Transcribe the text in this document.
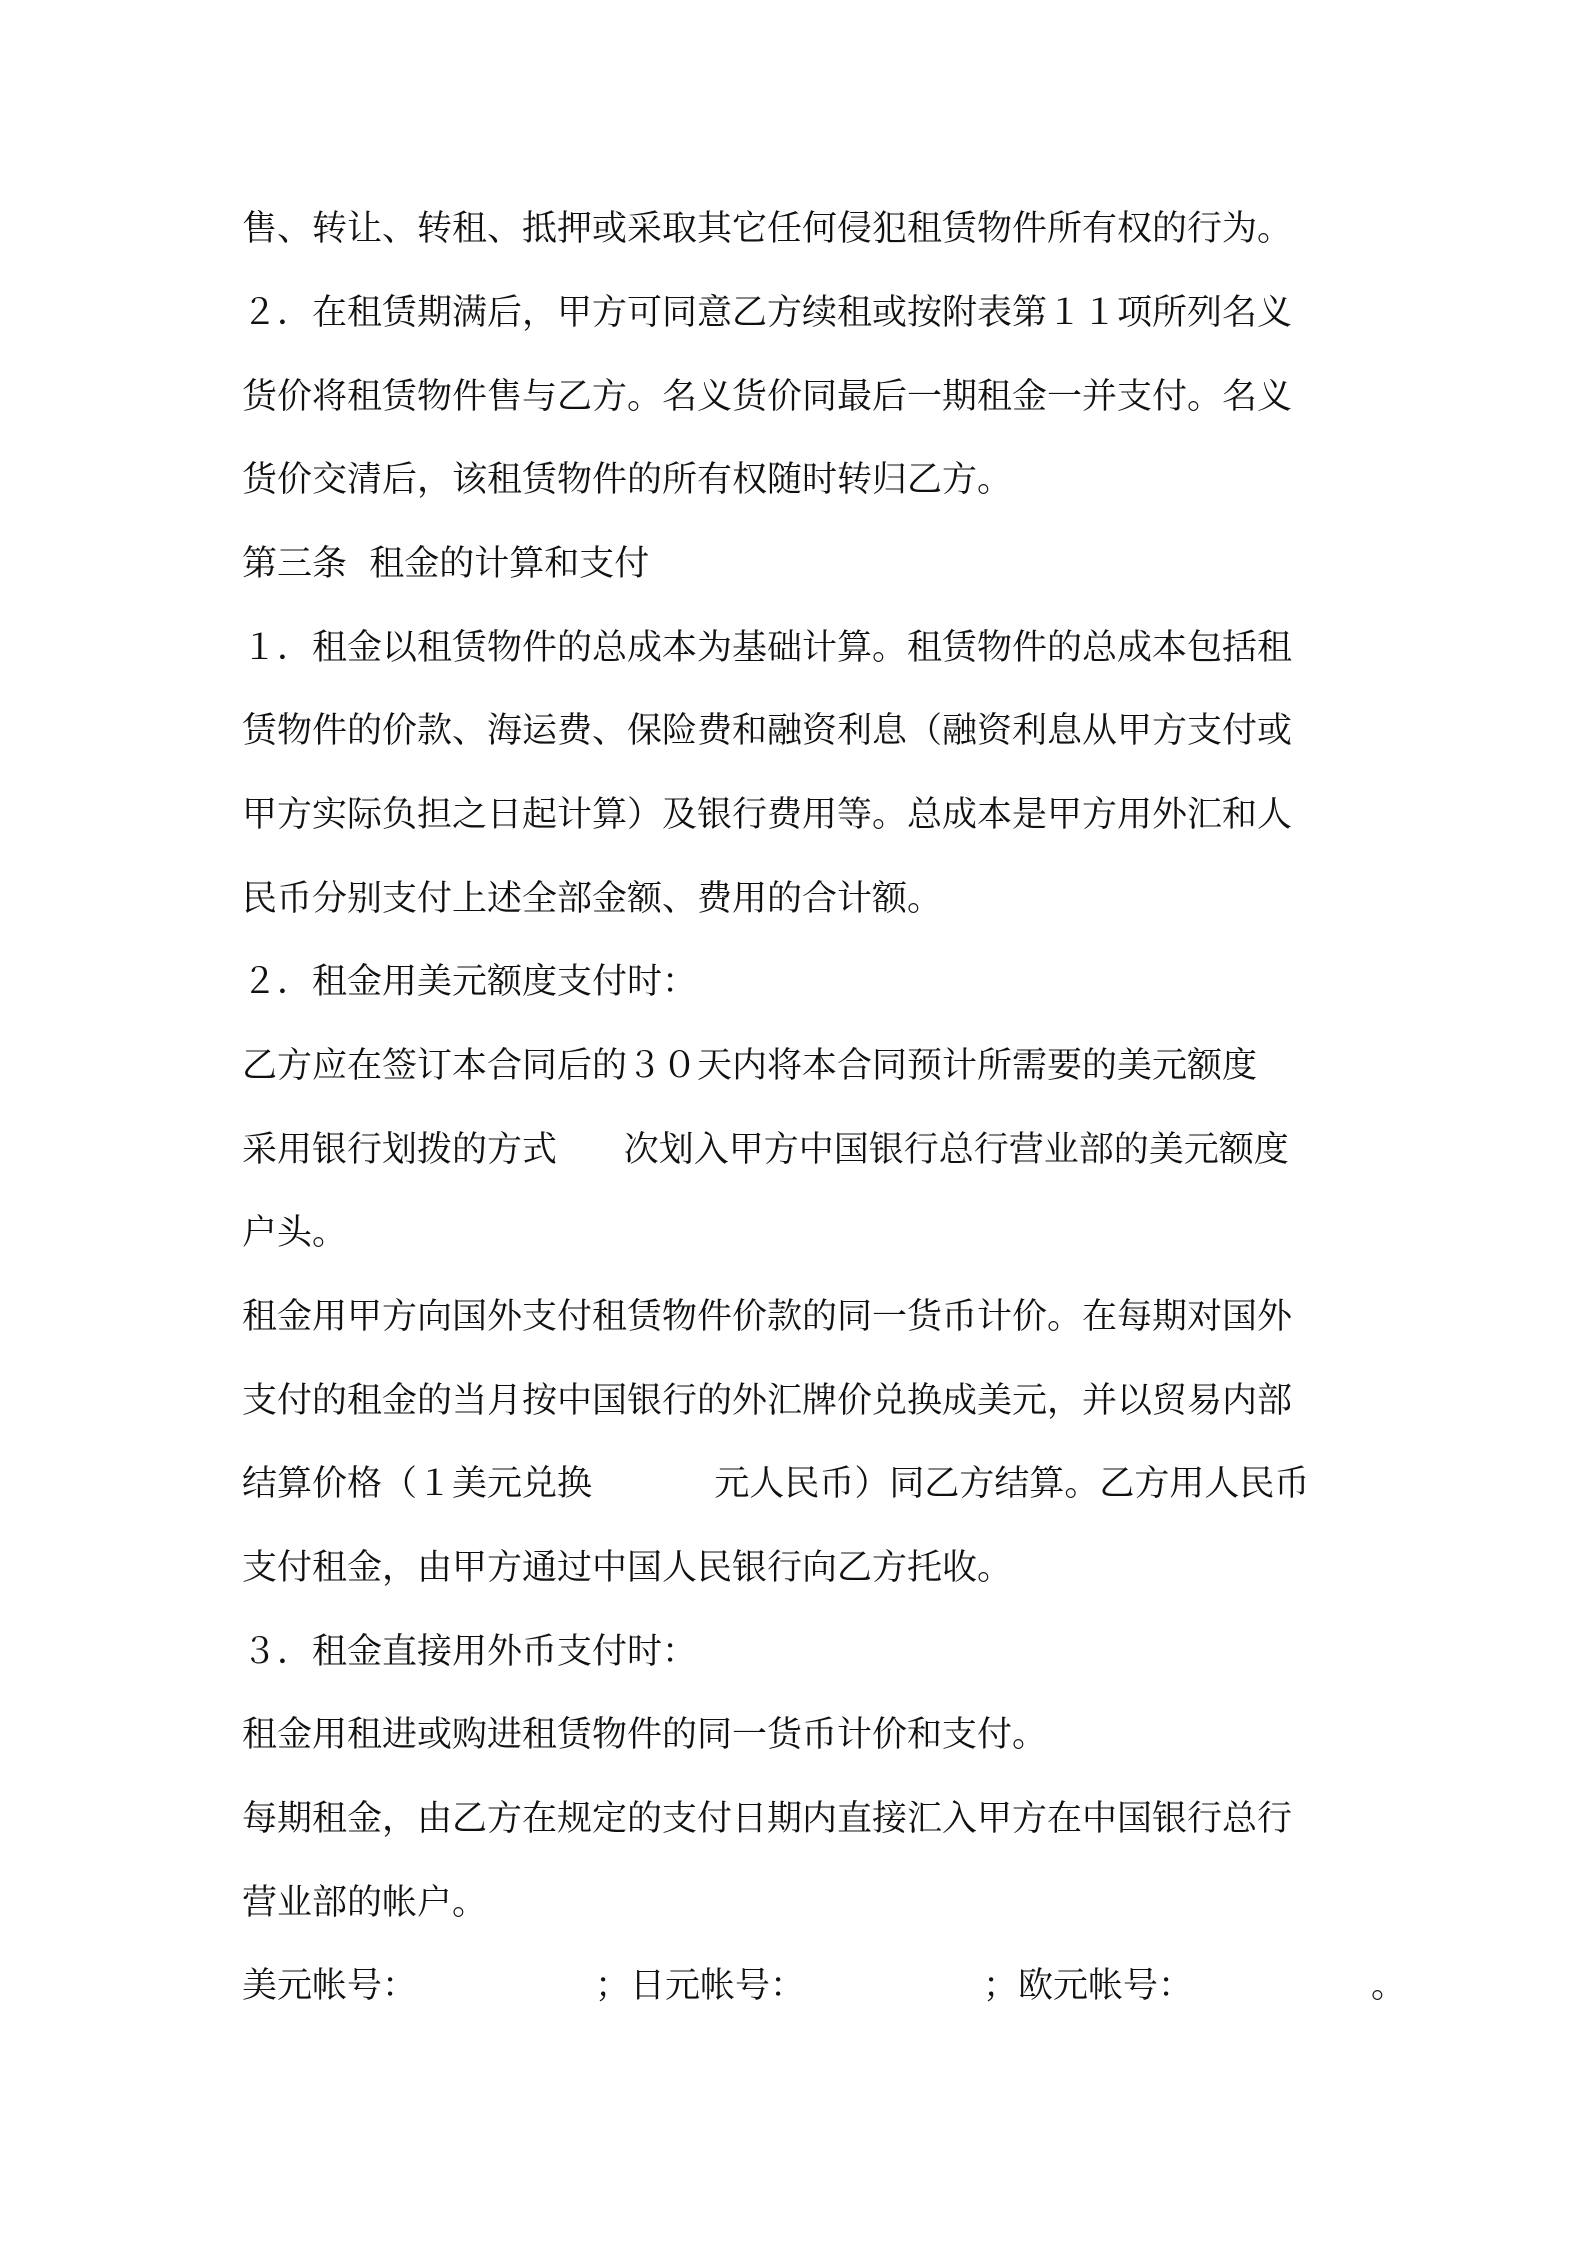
售、转让、转租、抵押或采取其它任何侵犯租赁物件所有权的行为。

２．在租赁期满后，甲方可同意乙方续租或按附表第１１项所列名义

货价将租赁物件售与乙方。名义货价同最后一期租金一并支付。名义

货价交清后，该租赁物件的所有权随时转归乙方。

第三条  租金的计算和支付

１．租金以租赁物件的总成本为基础计算。租赁物件的总成本包括租

赁物件的价款、海运费、保险费和融资利息（融资利息从甲方支付或

甲方实际负担之日起计算）及银行费用等。总成本是甲方用外汇和人

民币分别支付上述全部金额、费用的合计额。

２．租金用美元额度支付时：

乙方应在签订本合同后的３０天内将本合同预计所需要的美元额度

采用银行划拨的方式      次划入甲方中国银行总行营业部的美元额度

户头。

租金用甲方向国外支付租赁物件价款的同一货币计价。在每期对国外

支付的租金的当月按中国银行的外汇牌价兑换成美元，并以贸易内部

结算价格（１美元兑换           元人民币）同乙方结算。乙方用人民币

支付租金，由甲方通过中国人民银行向乙方托收。

３．租金直接用外币支付时：

租金用租进或购进租赁物件的同一货币计价和支付。

每期租金，由乙方在规定的支付日期内直接汇入甲方在中国银行总行

营业部的帐户。

美元帐号：                ；日元帐号：                ；欧元帐号：                。
